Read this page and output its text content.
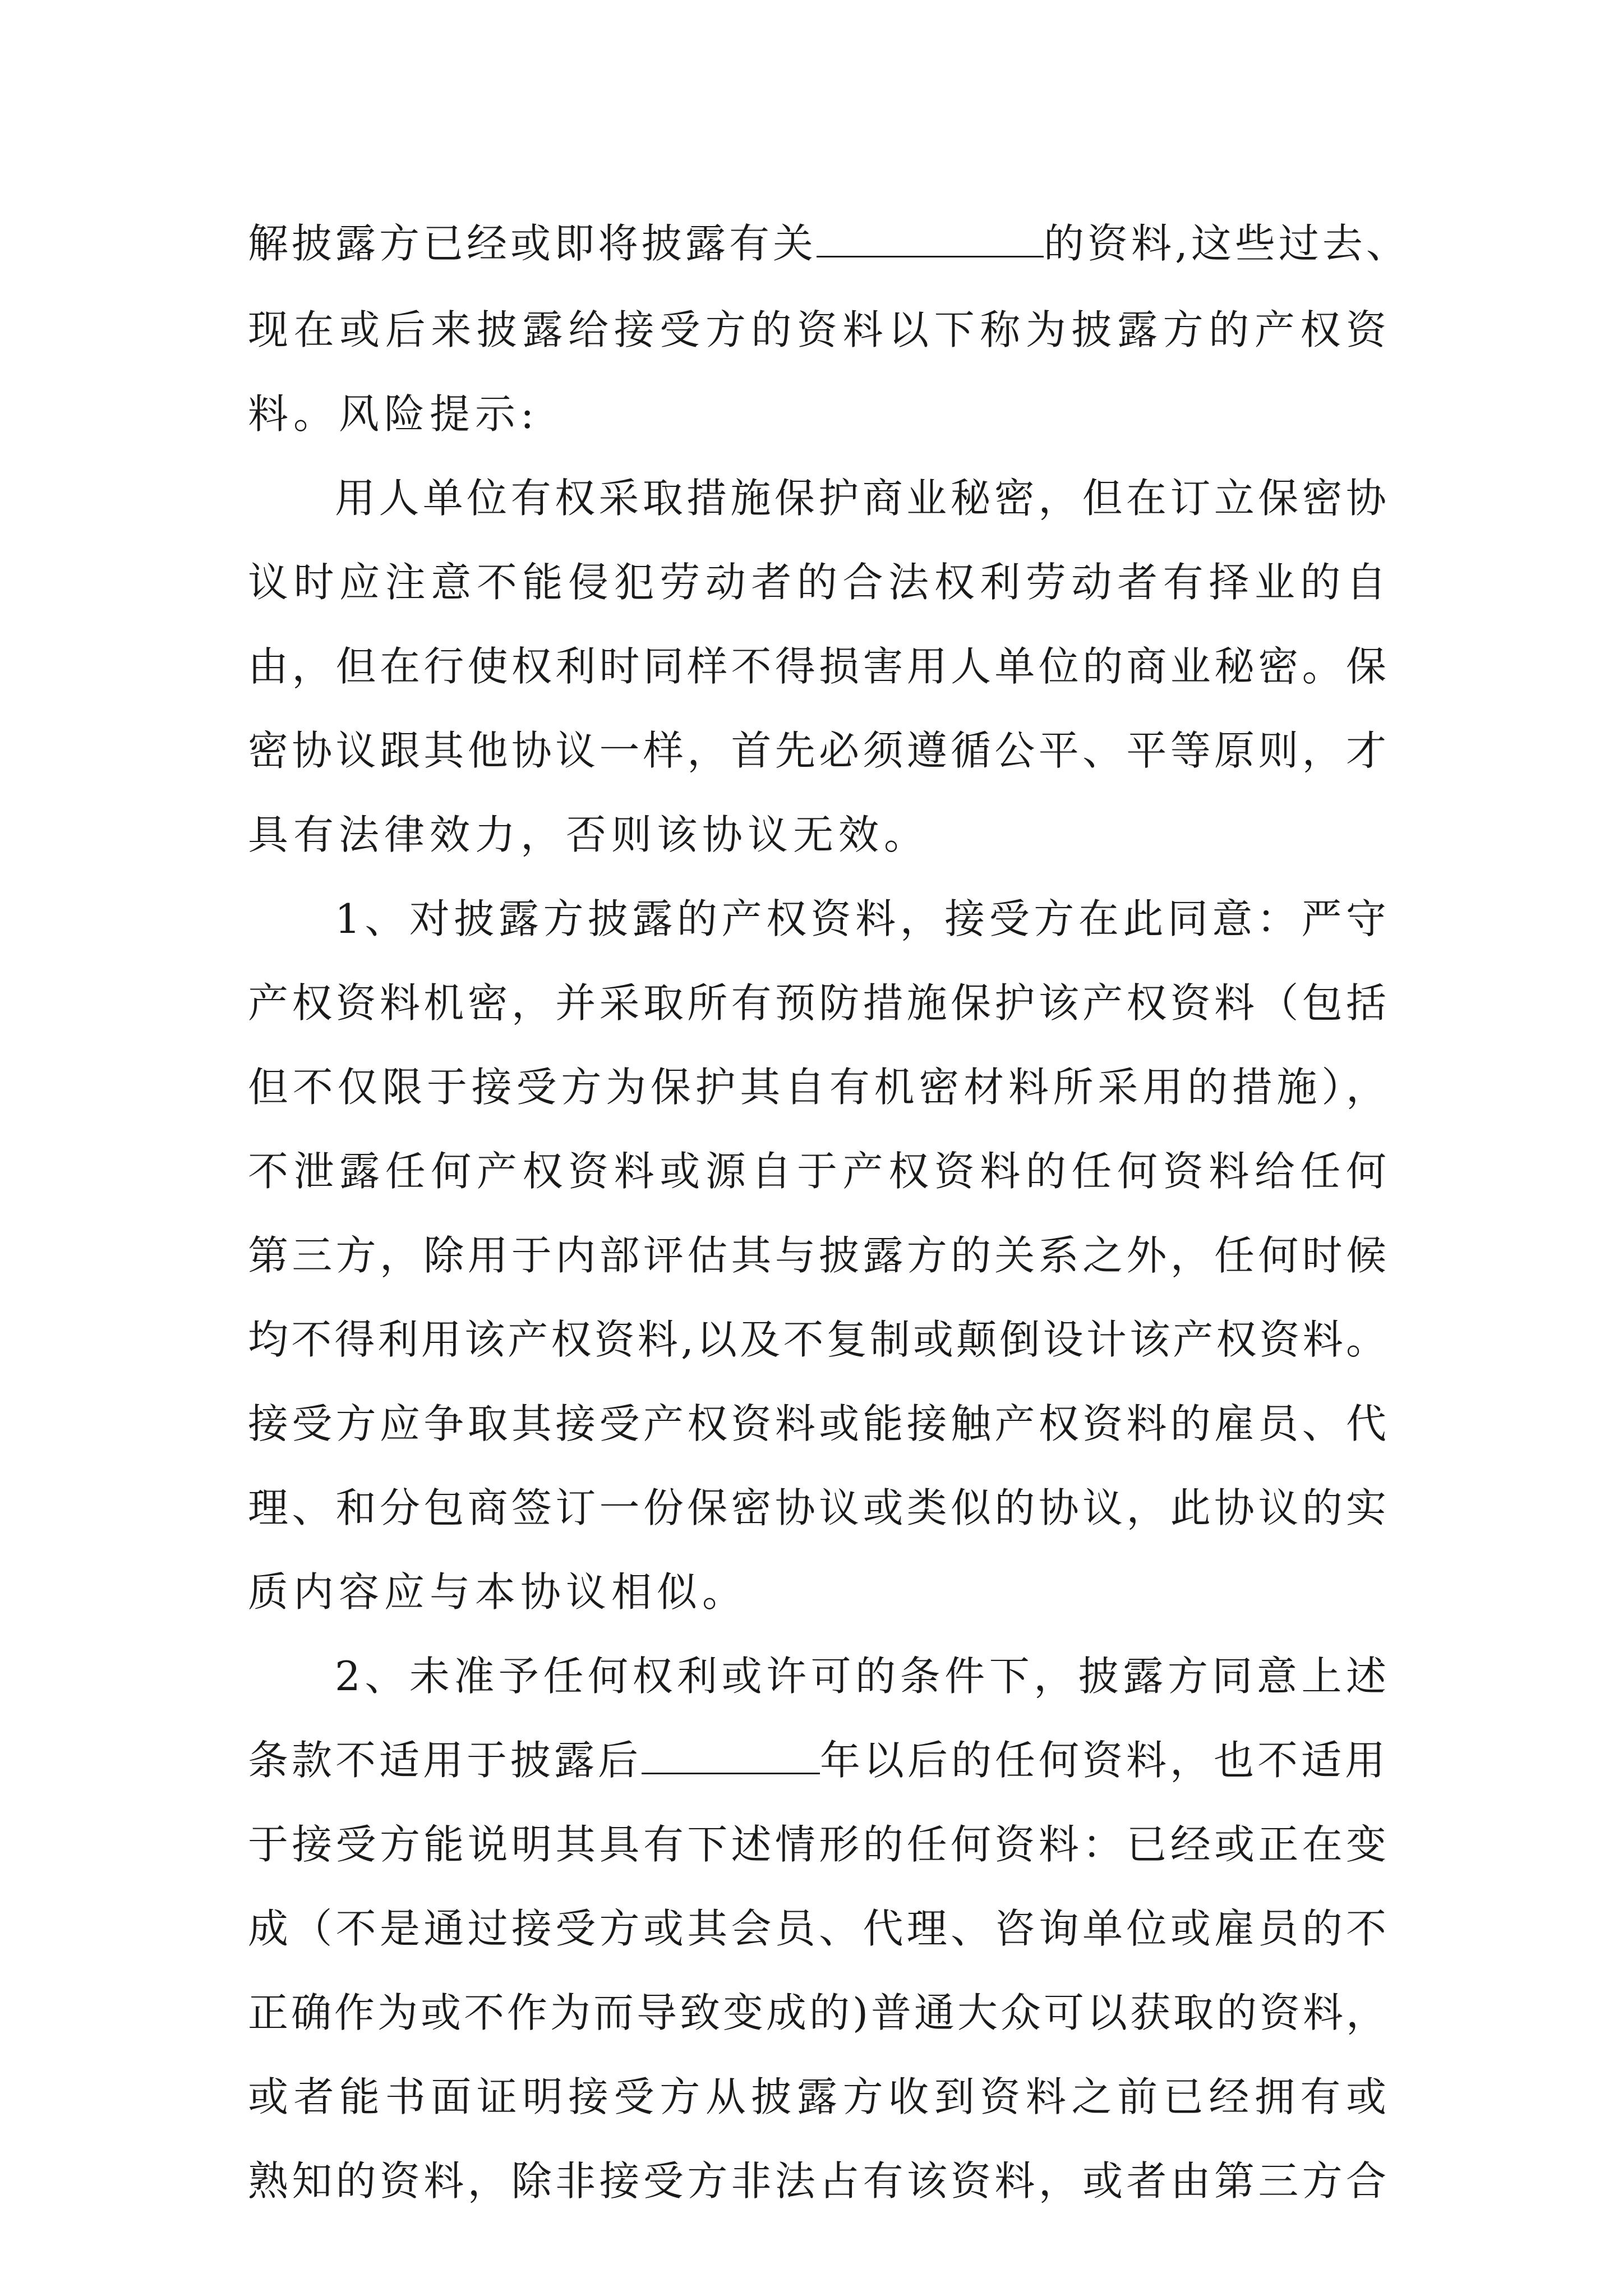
解披露方已经或即将披露有关	的资料,这些过去、
现在或后来披露给接受方的资料以下称为披露方的产权资
料。风险提示:
用人单位有权采取措施保护商业秘密，但在订立保密协
议时应注意不能侵犯劳动者的合法权利劳动者有择业的自
由，但在行使权利时同样不得损害用人单位的商业秘密。保
密协议跟其他协议一样，首先必须遵循公平、平等原则，才
具有法律效力，否则该协议无效。
1、对披露方披露的产权资料，接受方在此同意：严守
产权资料机密，并采取所有预防措施保护该产权资料（包括
但不仅限于接受方为保护其自有机密材料所采用的措施），
不泄露任何产权资料或源自于产权资料的任何资料给任何
第三方，除用于内部评估其与披露方的关系之外，任何时候
均不得利用该产权资料,以及不复制或颠倒设计该产权资料。
接受方应争取其接受产权资料或能接触产权资料的雇员、代
理、和分包商签订一份保密协议或类似的协议，此协议的实
质内容应与本协议相似。
2、未准予任何权利或许可的条件下，披露方同意上述
条款不适用于披露后	年以后的任何资料，也不适用
于接受方能说明其具有下述情形的任何资料：已经或正在变
成（不是通过接受方或其会员、代理、咨询单位或雇员的不
正确作为或不作为而导致变成的)普通大众可以获取的资料，
或者能书面证明接受方从披露方收到资料之前已经拥有或
熟知的资料，除非接受方非法占有该资料，或者由第三方合
